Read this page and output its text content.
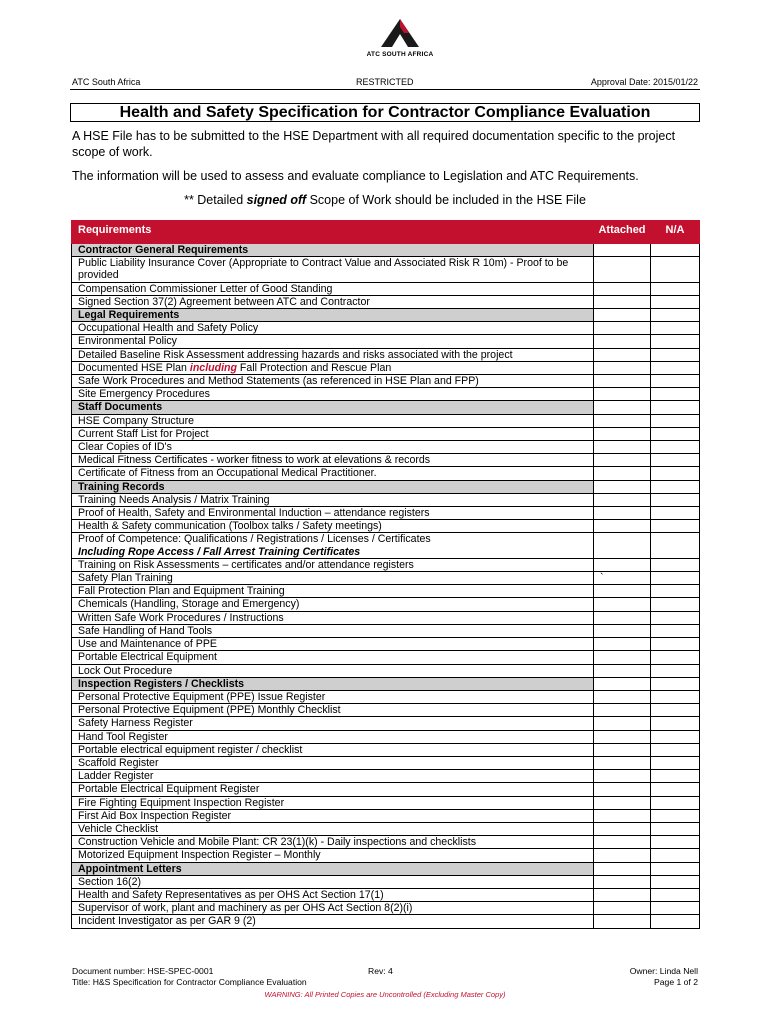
ATC SOUTH AFRICA
ATC South Africa	RESTRICTED	Approval Date: 2015/01/22
Health and Safety Specification for Contractor Compliance Evaluation
A HSE File has to be submitted to the HSE Department with all required documentation specific to the project scope of work.
The information will be used to assess and evaluate compliance to Legislation and ATC Requirements.
** Detailed signed off Scope of Work should be included in the HSE File
Requirements	Attached	N/A
Contractor General Requirements		
Public Liability Insurance Cover (Appropriate to Contract Value and Associated Risk R 10m) - Proof to be provided		
Compensation Commissioner Letter of Good Standing		
Signed Section 37(2) Agreement between ATC and Contractor		
Legal Requirements		
Occupational Health and Safety Policy		
Environmental Policy		
Detailed Baseline Risk Assessment addressing hazards and risks associated with the project		
Documented HSE Plan including Fall Protection and Rescue Plan		
Safe Work Procedures and Method Statements (as referenced in HSE Plan and FPP)		
Site Emergency Procedures		
Staff Documents		
HSE Company Structure		
Current Staff List for Project		
Clear Copies of ID's		
Medical Fitness Certificates - worker fitness to work at elevations & records		
Certificate of Fitness from an Occupational Medical Practitioner.		
Training Records		
Training Needs Analysis / Matrix Training		
Proof of Health, Safety and Environmental Induction – attendance registers		
Health & Safety communication (Toolbox talks / Safety meetings)		
Proof of Competence: Qualifications / Registrations / Licenses / Certificates
Including Rope Access / Fall Arrest Training Certificates		
Training on Risk Assessments – certificates and/or attendance registers		
Safety Plan Training	`	
Fall Protection Plan and Equipment Training		
Chemicals (Handling, Storage and Emergency)		
Written Safe Work Procedures / Instructions		
Safe Handling of Hand Tools		
Use and Maintenance of PPE		
Portable Electrical Equipment		
Lock Out Procedure		
Inspection Registers / Checklists		
Personal Protective Equipment (PPE) Issue Register		
Personal Protective Equipment (PPE) Monthly Checklist		
Safety Harness Register		
Hand Tool Register		
Portable electrical equipment register / checklist		
Scaffold Register		
Ladder Register		
Portable Electrical Equipment Register		
Fire Fighting Equipment Inspection Register		
First Aid Box Inspection Register		
Vehicle Checklist		
Construction Vehicle and Mobile Plant: CR 23(1)(k) - Daily inspections and checklists		
Motorized Equipment Inspection Register – Monthly		
Appointment Letters		
Section 16(2)		
Health and Safety Representatives as per OHS Act Section 17(1)		
Supervisor of work, plant and machinery as per OHS Act Section 8(2)(i)		
Incident Investigator as per GAR 9 (2)		
Document number: HSE-SPEC-0001
Title: H&S Specification for Contractor Compliance Evaluation
Rev: 4	Owner: Linda Nell
Page 1 of 2
WARNING: All Printed Copies are Uncontrolled (Excluding Master Copy)
